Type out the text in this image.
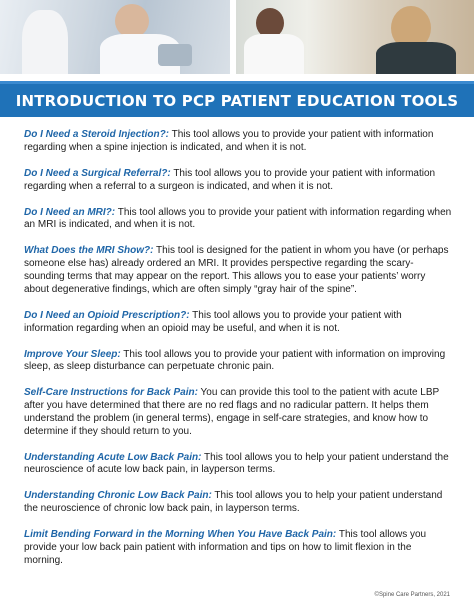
INTRODUCTION TO PCP PATIENT EDUCATION TOOLS

Do I Need a Steroid Injection?: This tool allows you to provide your patient with information regarding when a spine injection is indicated, and when it is not.

Do I Need a Surgical Referral?: This tool allows you to provide your patient with information regarding when a referral to a surgeon is indicated, and when it is not.

Do I Need an MRI?: This tool allows you to provide your patient with information regarding when an MRI is indicated, and when it is not.

What Does the MRI Show?: This tool is designed for the patient in whom you have (or perhaps someone else has) already ordered an MRI. It provides perspective regarding the scary-sounding terms that may appear on the report. This allows you to ease your patients’ worry about degenerative findings, which are often simply “gray hair of the spine”.

Do I Need an Opioid Prescription?: This tool allows you to provide your patient with information regarding when an opioid may be useful, and when it is not.

Improve Your Sleep: This tool allows you to provide your patient with information on improving sleep, as sleep disturbance can perpetuate chronic pain.

Self-Care Instructions for Back Pain: You can provide this tool to the patient with acute LBP after you have determined that there are no red flags and no radicular pattern. It helps them understand the problem (in general terms), engage in self-care strategies, and know how to determine if they should return to you.

Understanding Acute Low Back Pain: This tool allows you to help your patient understand the neuroscience of acute low back pain, in layperson terms.

Understanding Chronic Low Back Pain: This tool allows you to help your patient understand the neuroscience of chronic low back pain, in layperson terms.

Limit Bending Forward in the Morning When You Have Back Pain: This tool allows you provide your low back pain patient with information and tips on how to limit flexion in the morning.

©Spine Care Partners, 2021
